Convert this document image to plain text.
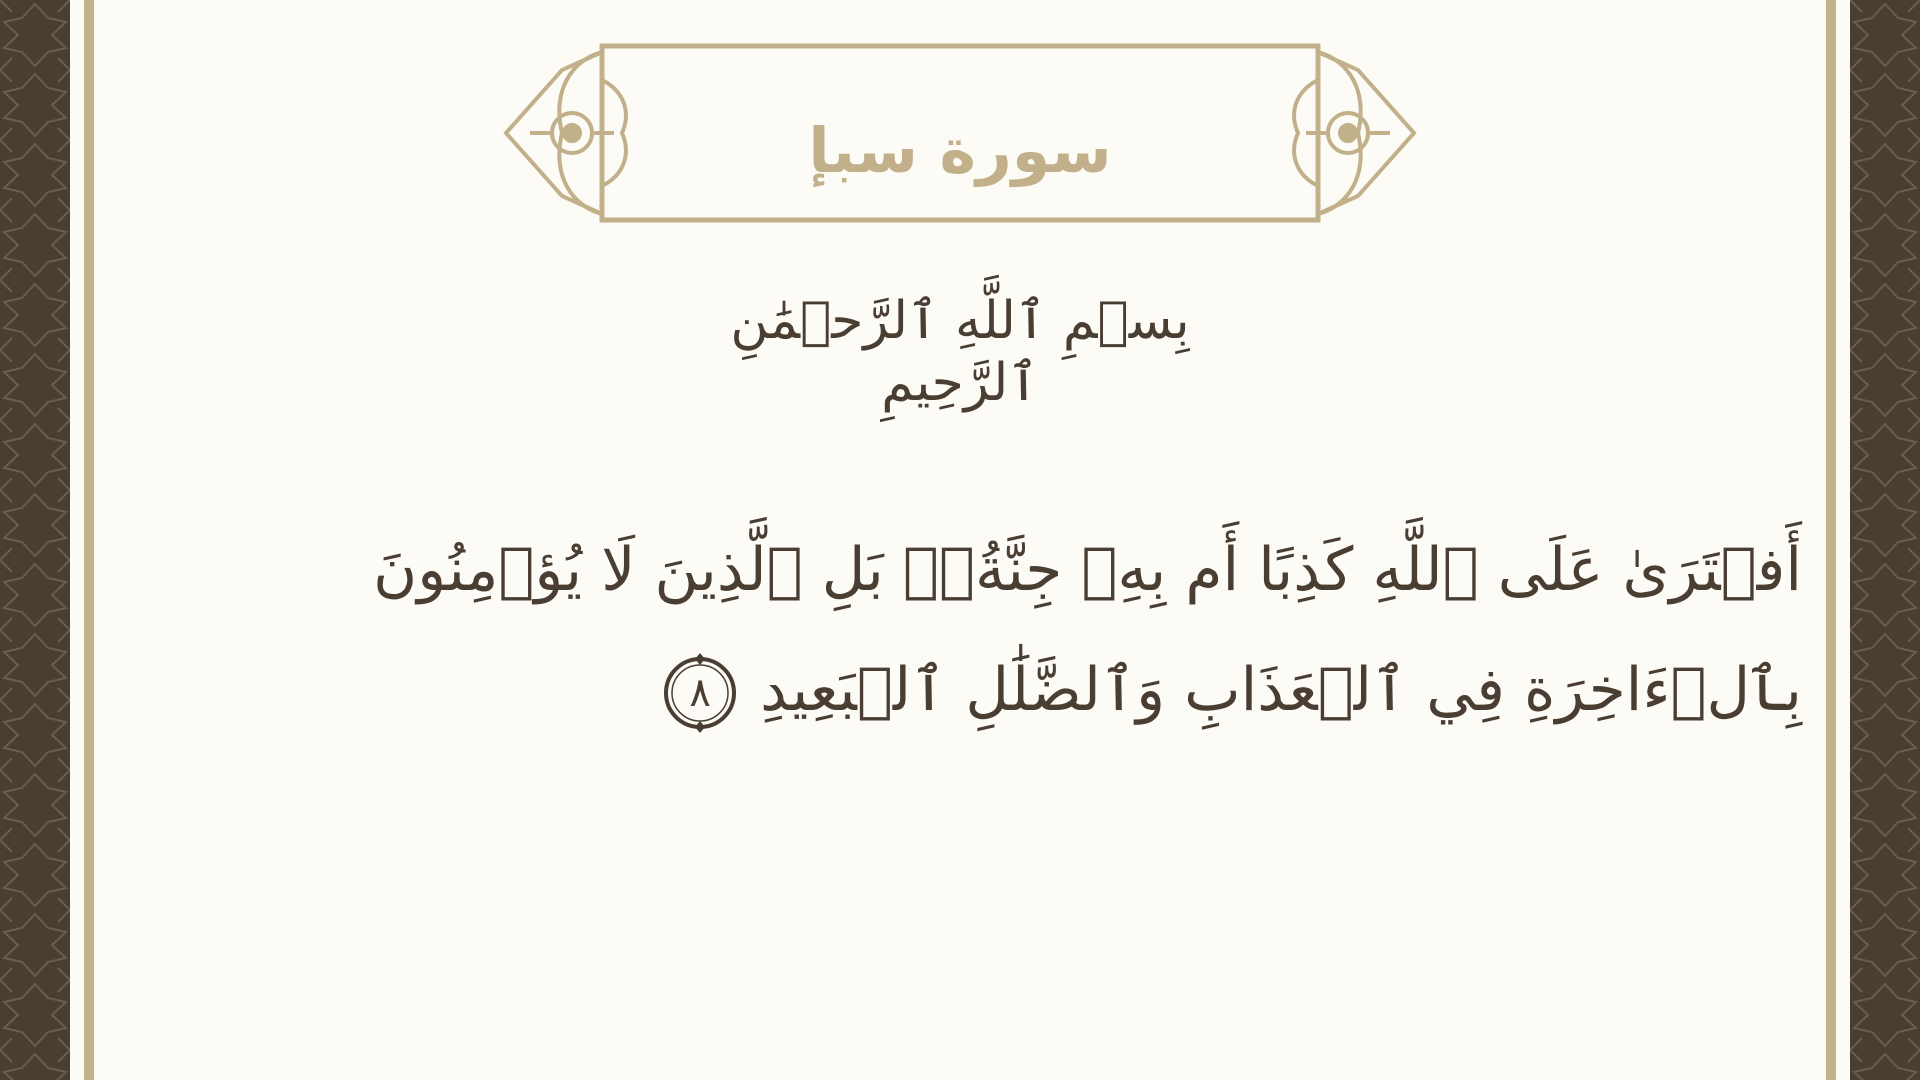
سورة سبإ
بِسۡمِ ٱللَّهِ ٱلرَّحۡمَٰنِ ٱلرَّحِيمِ
أَفۡتَرَىٰ عَلَى ٱللَّهِ كَذِبًا أَم بِهِۦ جِنَّةُۢۗ بَلِ ٱلَّذِينَ لَا يُؤۡمِنُونَ
بِٱلۡءَاخِرَةِ فِي ٱلۡعَذَابِ وَٱلضَّلَٰلِ ٱلۡبَعِيدِ
٨
